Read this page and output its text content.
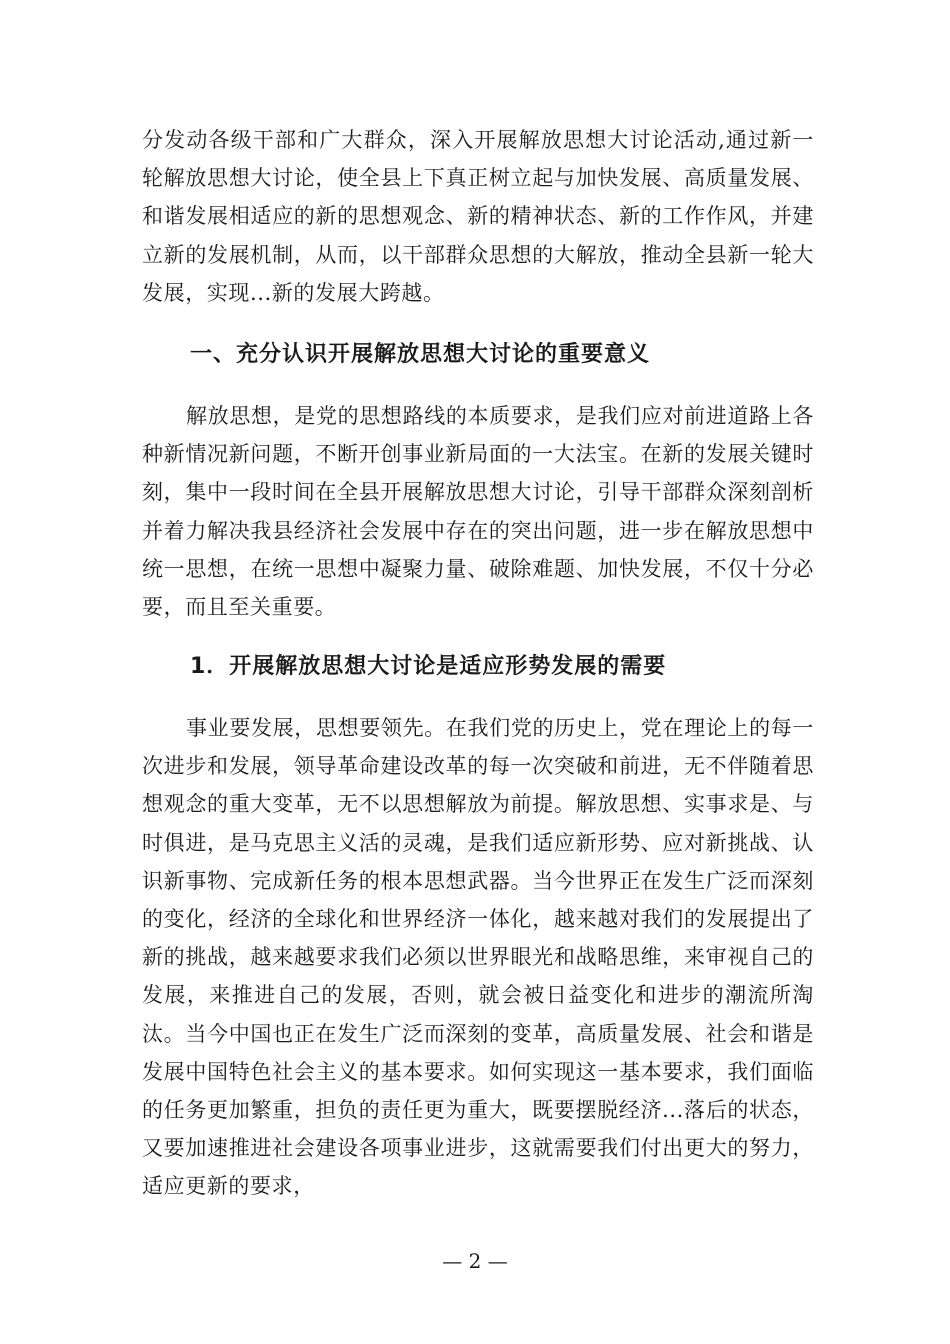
分发动各级干部和广大群众，深入开展解放思想大讨论活动,通过新一轮解放思想大讨论，使全县上下真正树立起与加快发展、高质量发展、和谐发展相适应的新的思想观念、新的精神状态、新的工作作风，并建立新的发展机制，从而，以干部群众思想的大解放，推动全县新一轮大发展，实现...新的发展大跨越。

一、充分认识开展解放思想大讨论的重要意义

解放思想，是党的思想路线的本质要求，是我们应对前进道路上各种新情况新问题，不断开创事业新局面的一大法宝。在新的发展关键时刻，集中一段时间在全县开展解放思想大讨论，引导干部群众深刻剖析并着力解决我县经济社会发展中存在的突出问题，进一步在解放思想中统一思想，在统一思想中凝聚力量、破除难题、加快发展，不仅十分必要，而且至关重要。

1．开展解放思想大讨论是适应形势发展的需要

事业要发展，思想要领先。在我们党的历史上，党在理论上的每一次进步和发展，领导革命建设改革的每一次突破和前进，无不伴随着思想观念的重大变革，无不以思想解放为前提。解放思想、实事求是、与时俱进，是马克思主义活的灵魂，是我们适应新形势、应对新挑战、认识新事物、完成新任务的根本思想武器。当今世界正在发生广泛而深刻的变化，经济的全球化和世界经济一体化，越来越对我们的发展提出了新的挑战，越来越要求我们必须以世界眼光和战略思维，来审视自己的发展，来推进自己的发展，否则，就会被日益变化和进步的潮流所淘汰。当今中国也正在发生广泛而深刻的变革，高质量发展、社会和谐是发展中国特色社会主义的基本要求。如何实现这一基本要求，我们面临的任务更加繁重，担负的责任更为重大，既要摆脱经济...落后的状态，又要加速推进社会建设各项事业进步，这就需要我们付出更大的努力，适应更新的要求，

— 2 —
